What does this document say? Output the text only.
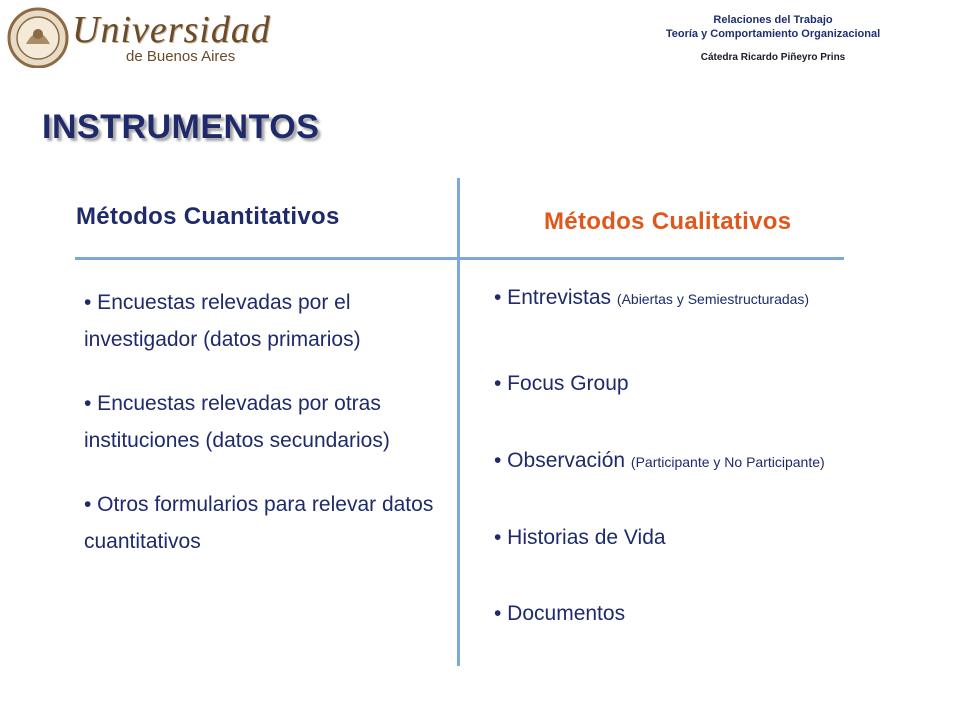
Universidad
de Buenos Aires
Relaciones del Trabajo
Teoría y Comportamiento Organizacional
Cátedra Ricardo Piñeyro Prins
INSTRUMENTOS
Métodos Cuantitativos	Métodos Cualitativos
• Encuestas relevadas por el investigador (datos primarios)
• Encuestas relevadas por otras instituciones (datos secundarios)
• Otros formularios para relevar datos cuantitativos
• Entrevistas (Abiertas y Semiestructuradas)
• Focus Group
• Observación (Participante y No Participante)
• Historias de Vida
• Documentos
